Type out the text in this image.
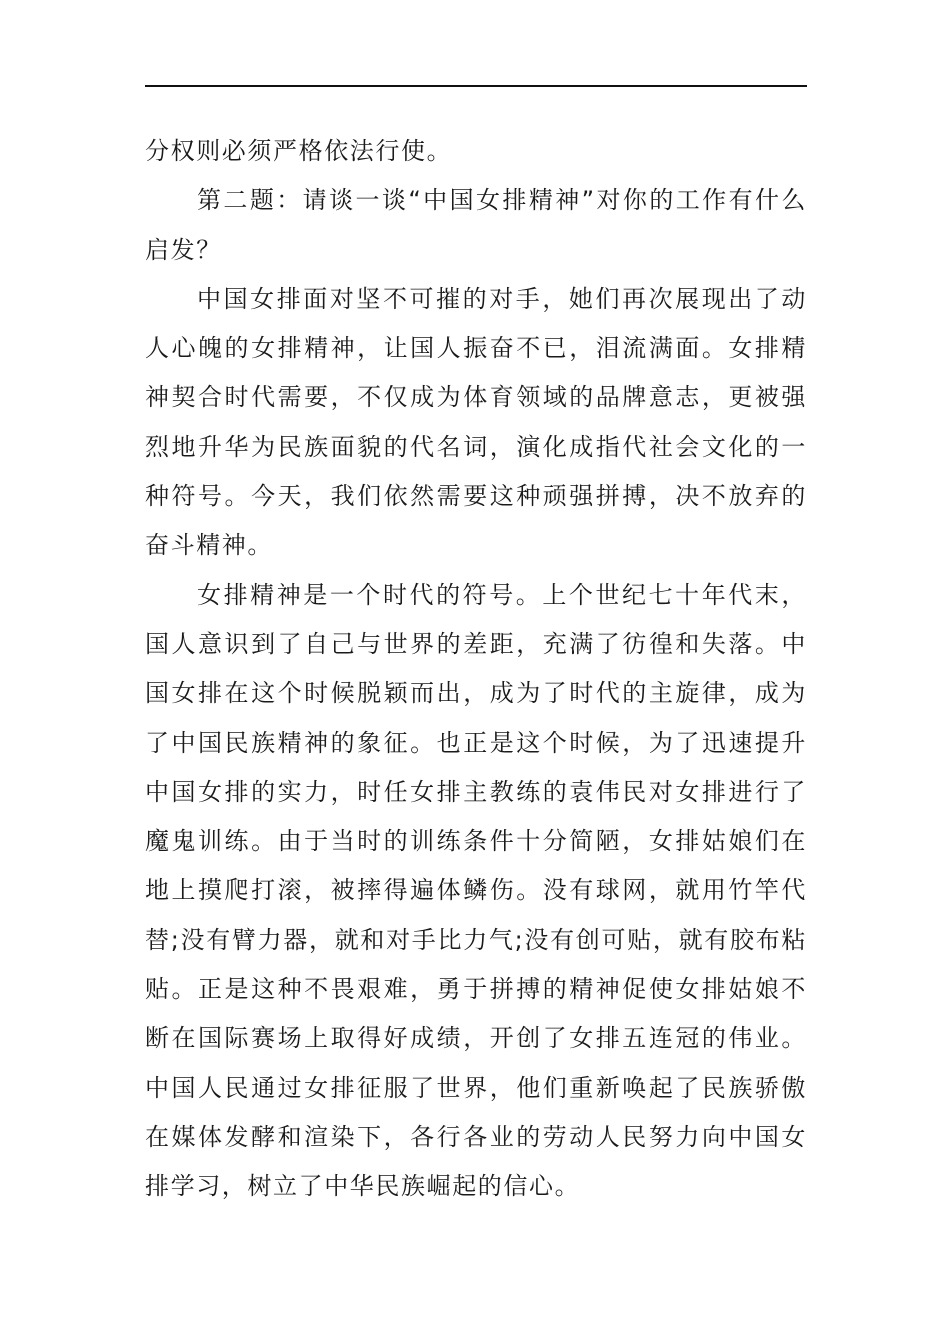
分权则必须严格依法行使。

第二题：请谈一谈“中国女排精神”对你的工作有什么启发？

中国女排面对坚不可摧的对手，她们再次展现出了动人心魄的女排精神，让国人振奋不已，泪流满面。女排精神契合时代需要，不仅成为体育领域的品牌意志，更被强烈地升华为民族面貌的代名词，演化成指代社会文化的一种符号。今天，我们依然需要这种顽强拼搏，决不放弃的奋斗精神。

女排精神是一个时代的符号。上个世纪七十年代末，国人意识到了自己与世界的差距，充满了彷徨和失落。中国女排在这个时候脱颖而出，成为了时代的主旋律，成为了中国民族精神的象征。也正是这个时候，为了迅速提升中国女排的实力，时任女排主教练的袁伟民对女排进行了魔鬼训练。由于当时的训练条件十分简陋，女排姑娘们在地上摸爬打滚，被摔得遍体鳞伤。没有球网，就用竹竿代替;没有臂力器，就和对手比力气;没有创可贴，就有胶布粘贴。正是这种不畏艰难，勇于拼搏的精神促使女排姑娘不断在国际赛场上取得好成绩，开创了女排五连冠的伟业。中国人民通过女排征服了世界，他们重新唤起了民族骄傲在媒体发酵和渲染下，各行各业的劳动人民努力向中国女排学习，树立了中华民族崛起的信心。
